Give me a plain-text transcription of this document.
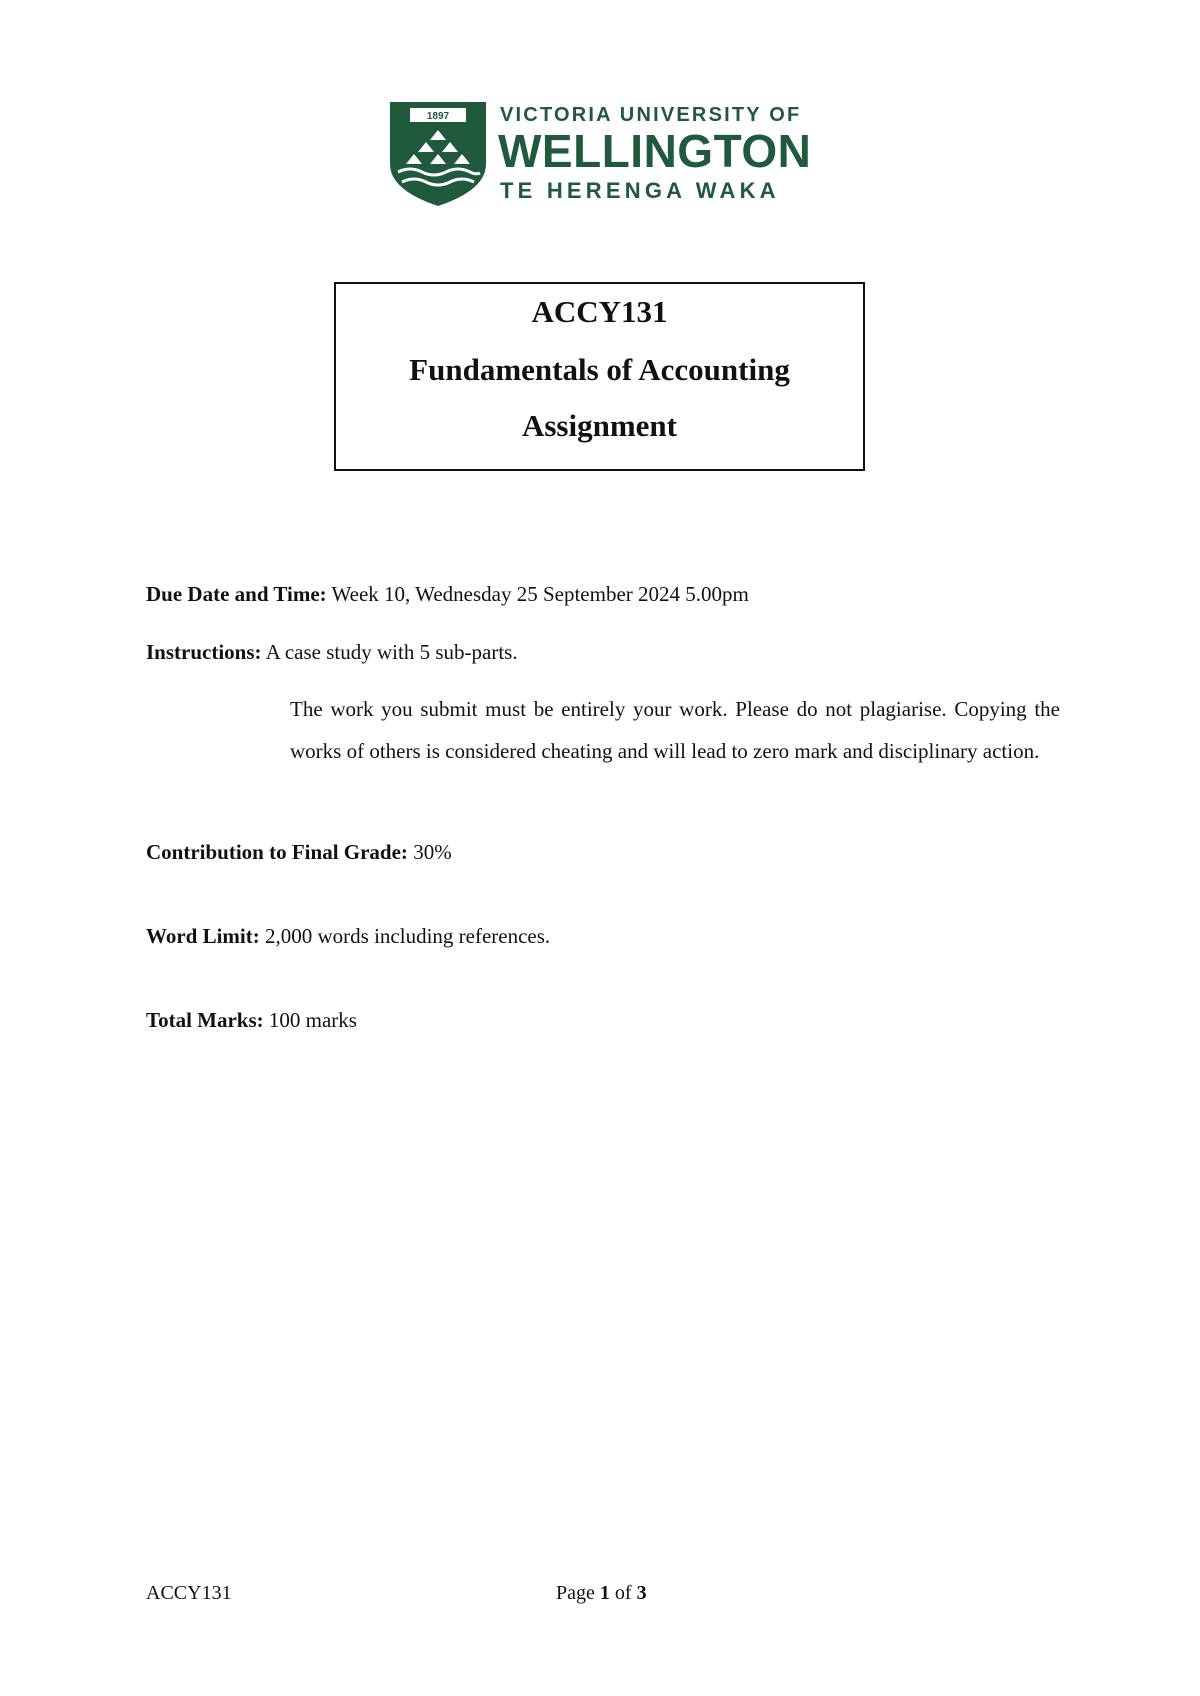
1897	VICTORIA UNIVERSITY OF
WELLINGTON
TE HERENGA WAKA
ACCY131
Fundamentals of Accounting
Assignment
Due Date and Time: Week 10, Wednesday 25 September 2024 5.00pm
Instructions: A case study with 5 sub-parts.
The work you submit must be entirely your work. Please do not plagiarise. Copying the works of others is considered cheating and will lead to zero mark and disciplinary action.
Contribution to Final Grade: 30%
Word Limit: 2,000 words including references.
Total Marks: 100 marks
ACCY131	Page 1 of 3
